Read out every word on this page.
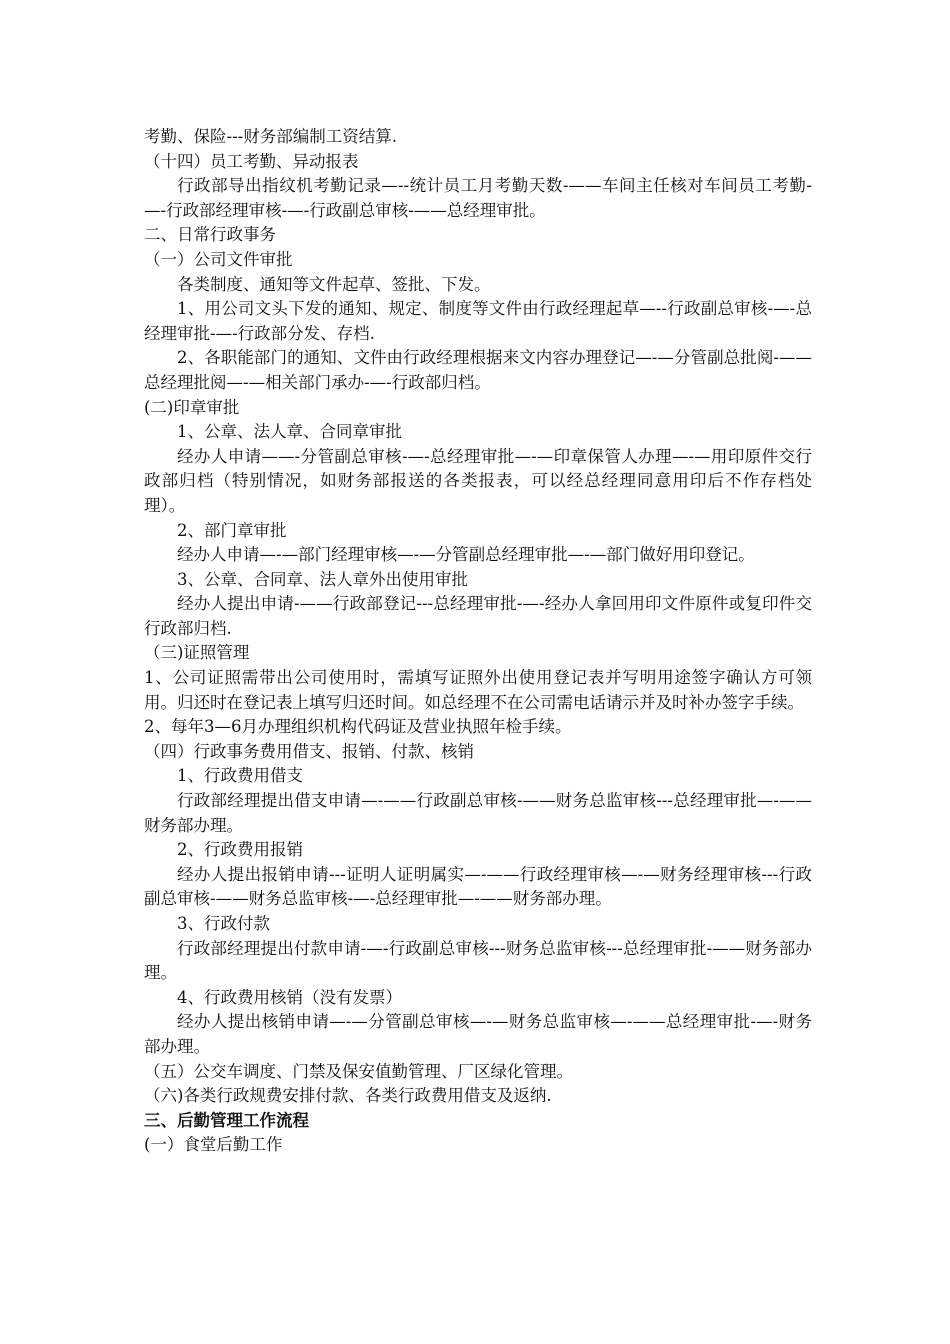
考勤、保险---财务部编制工资结算.

（十四）员工考勤、异动报表

行政部导出指纹机考勤记录—--统计员工月考勤天数-——车间主任核对车间员工考勤-—-行政部经理审核-—-行政副总审核-——总经理审批。

二、日常行政事务

（一）公司文件审批

各类制度、通知等文件起草、签批、下发。

1、用公司文头下发的通知、规定、制度等文件由行政经理起草—--行政副总审核-—-总经理审批-—-行政部分发、存档.

2、各职能部门的通知、文件由行政经理根据来文内容办理登记—-—分管副总批阅-——总经理批阅—-—相关部门承办-—-行政部归档。

(二)印章审批

1、公章、法人章、合同章审批

经办人申请——-分管副总审核-—-总经理审批—-—印章保管人办理—-—用印原件交行政部归档（特别情况，如财务部报送的各类报表，可以经总经理同意用印后不作存档处理）。

2、部门章审批

经办人申请—-—部门经理审核—-—分管副总经理审批—-—部门做好用印登记。

3、公章、合同章、法人章外出使用审批

经办人提出申请-——行政部登记---总经理审批-—-经办人拿回用印文件原件或复印件交行政部归档.

（三)证照管理

1、公司证照需带出公司使用时，需填写证照外出使用登记表并写明用途签字确认方可领用。归还时在登记表上填写归还时间。如总经理不在公司需电话请示并及时补办签字手续。

2、每年3—6月办理组织机构代码证及营业执照年检手续。

（四）行政事务费用借支、报销、付款、核销

1、行政费用借支

行政部经理提出借支申请—-——行政副总审核-——财务总监审核---总经理审批—-——财务部办理。

2、行政费用报销

经办人提出报销申请---证明人证明属实—-——行政经理审核—-—财务经理审核---行政副总审核-——财务总监审核-—-总经理审批—-——财务部办理。

3、行政付款

行政部经理提出付款申请-—-行政副总审核---财务总监审核---总经理审批-——财务部办理。

4、行政费用核销（没有发票）

经办人提出核销申请—-—分管副总审核—-—财务总监审核—-——总经理审批-—-财务部办理。

（五）公交车调度、门禁及保安值勤管理、厂区绿化管理。

（六)各类行政规费安排付款、各类行政费用借支及返纳.

三、后勤管理工作流程

(一）食堂后勤工作
